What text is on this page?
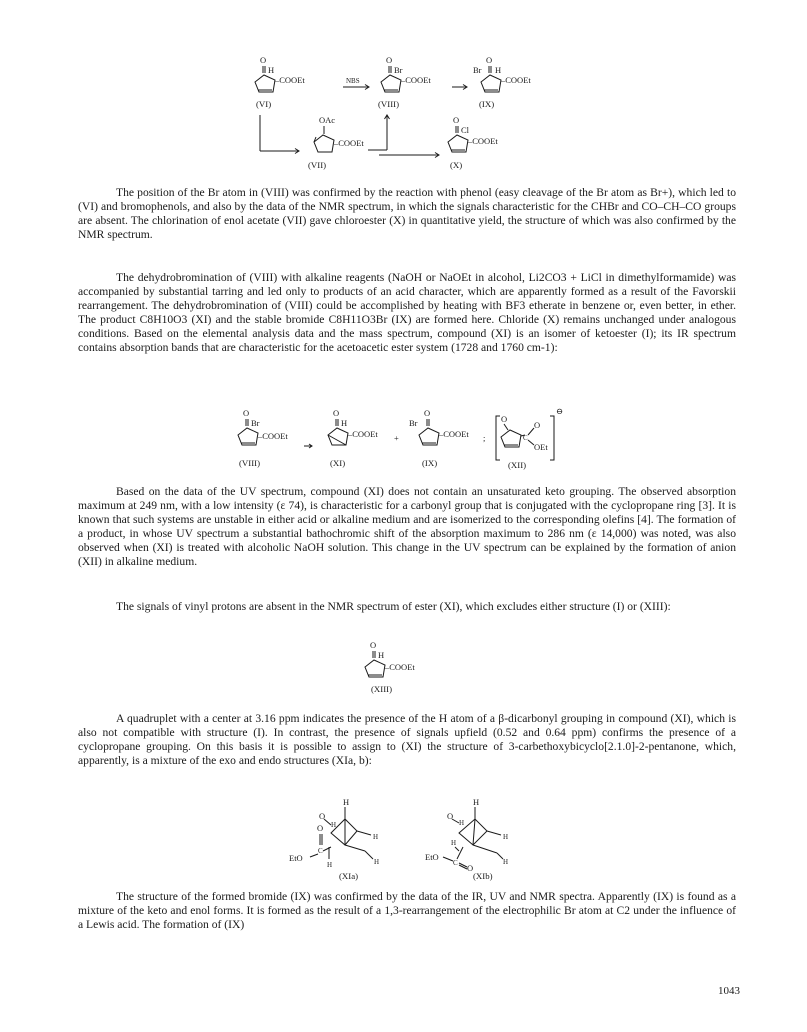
O
H
–COOEt
(VI)
NBS
O
Br
–COOEt
(VIII)
O
Br H
–COOEt
(IX)
OAc
–COOEt
(VII)
O
Cl
–COOEt
(X)

The position of the Br atom in (VIII) was confirmed by the reaction with phenol (easy cleavage of the Br atom as Br+), which led to (VI) and bromophenols, and also by the data of the NMR spectrum, in which the signals characteristic for the CHBr and CO–CH–CO groups are absent. The chlorination of enol acetate (VII) gave chloroester (X) in quantitative yield, the structure of which was also confirmed by the NMR spectrum.

The dehydrobromination of (VIII) with alkaline reagents (NaOH or NaOEt in alcohol, Li2CO3 + LiCl in dimethylformamide) was accompanied by substantial tarring and led only to products of an acid character, which are apparently formed as a result of the Favorskii rearrangement. The dehydrobromination of (VIII) could be accomplished by heating with BF3 etherate in benzene or, even better, in ether. The product C8H10O3 (XI) and the stable bromide C8H11O3Br (IX) are formed here. Chloride (X) remains unchanged under analogous conditions. Based on the elemental analysis data and the mass spectrum, compound (XI) is an isomer of ketoester (I); its IR spectrum contains absorption bands that are characteristic for the acetoacetic ester system (1728 and 1760 cm-1):

O
Br
–COOEt
(VIII)
O
H
–COOEt
(XI)
+
O
Br
–COOEt
(IX)
;
⊖
O
C
O
OEt
(XII)

Based on the data of the UV spectrum, compound (XI) does not contain an unsaturated keto grouping. The observed absorption maximum at 249 nm, with a low intensity (ε 74), is characteristic for a carbonyl group that is conjugated with the cyclopropane ring [3]. It is known that such systems are unstable in either acid or alkaline medium and are isomerized to the corresponding olefins [4]. The formation of a product, in whose UV spectrum a substantial bathochromic shift of the absorption maximum to 286 nm (ε 14,000) was noted, was also observed when (XI) is treated with alcoholic NaOH solution. This change in the UV spectrum can be explained by the formation of anion (XII) in alkaline medium.

The signals of vinyl protons are absent in the NMR spectrum of ester (XI), which excludes either structure (I) or (XIII):

O
H
–COOEt
(XIII)

A quadruplet with a center at 3.16 ppm indicates the presence of the H atom of a β-dicarbonyl grouping in compound (XI), which is also not compatible with structure (I). In contrast, the presence of signals upfield (0.52 and 0.64 ppm) confirms the presence of a cyclopropane grouping. On this basis it is possible to assign to (XI) the structure of 3-carbethoxybicyclo[2.1.0]-2-pentanone, which, apparently, is a mixture of the exo and endo structures (XIa, b):

H
O
H
H
H
O
C
EtO
H
(XIa)
H
O
H
H
H
H
EtO
C O
(XIb)

The structure of the formed bromide (IX) was confirmed by the data of the IR, UV and NMR spectra. Apparently (IX) is found as a mixture of the keto and enol forms. It is formed as the result of a 1,3-rearrangement of the electrophilic Br atom at C2 under the influence of a Lewis acid. The formation of (IX)

1043
